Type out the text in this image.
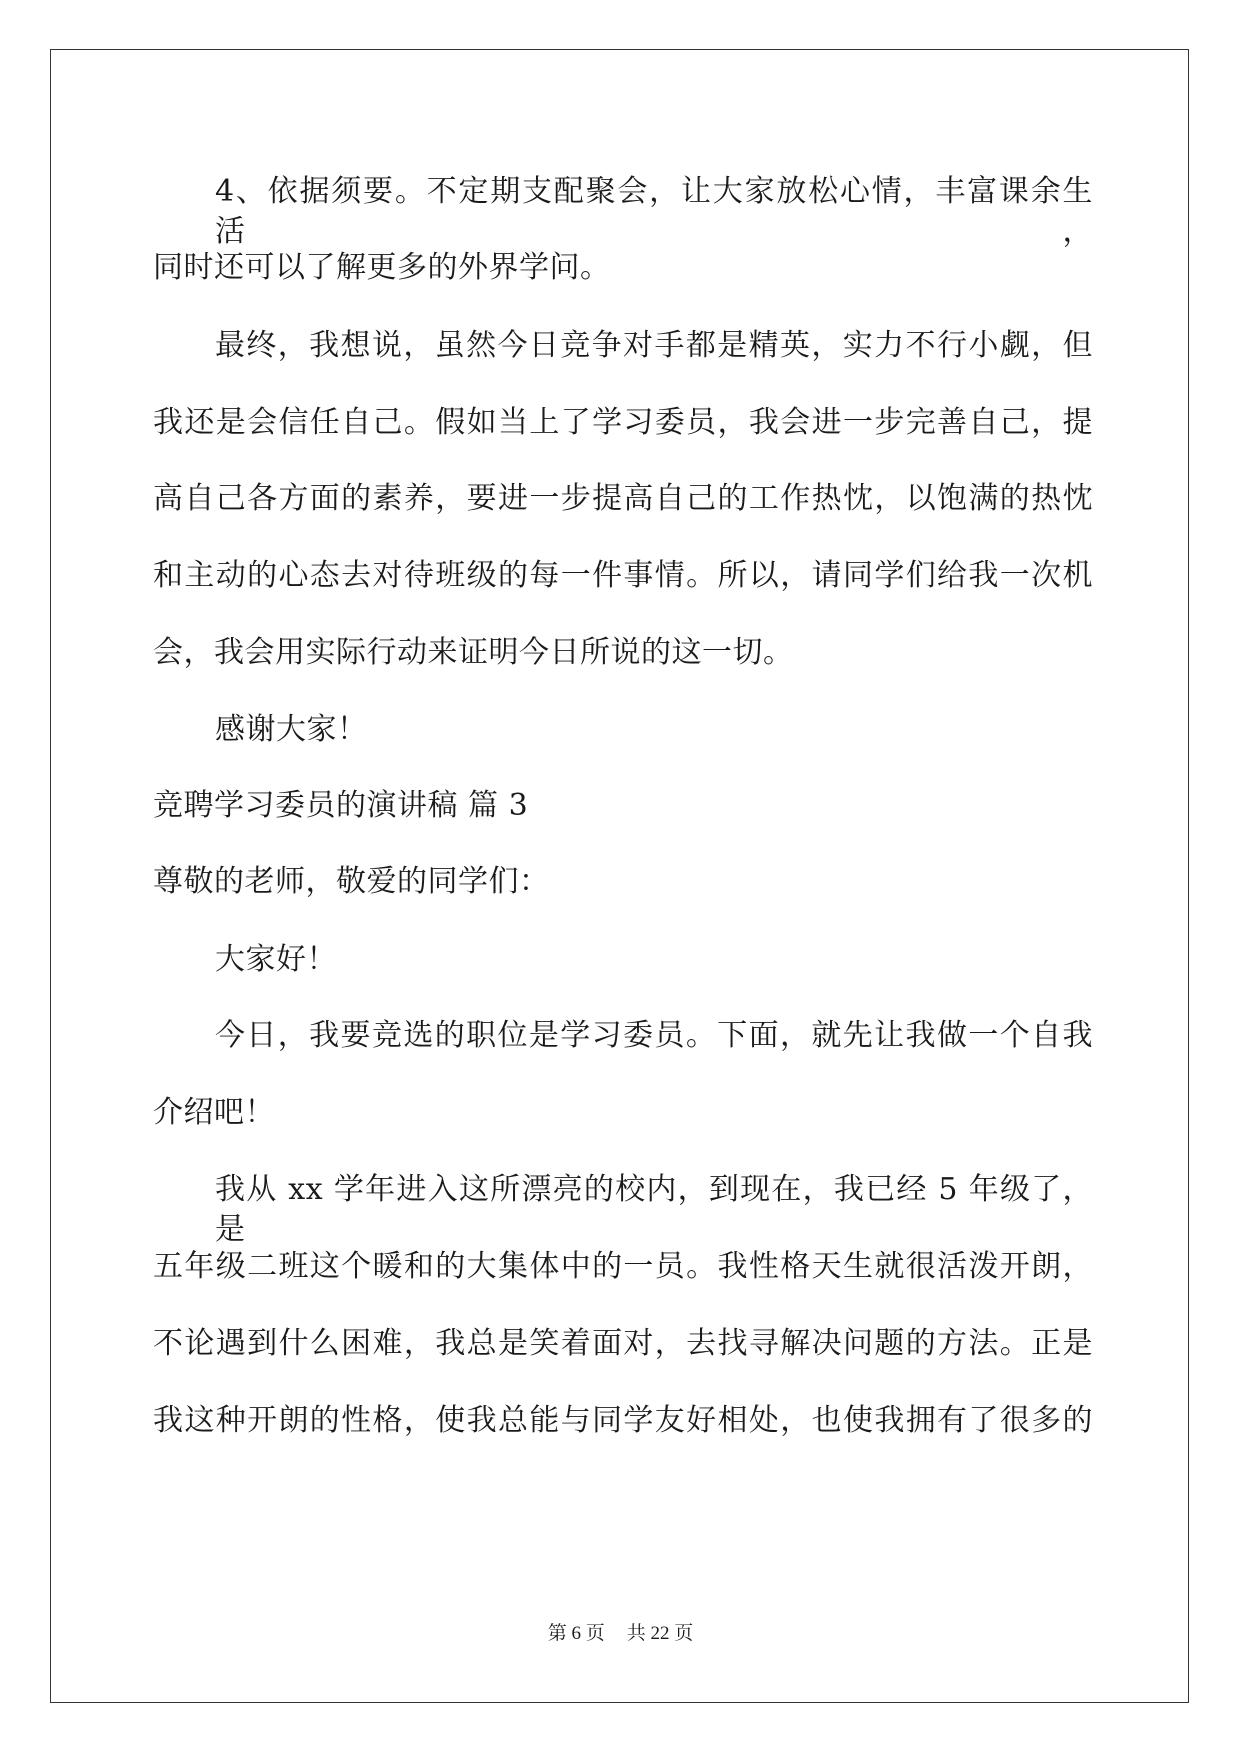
4、依据须要。不定期支配聚会，让大家放松心情，丰富课余生活，
同时还可以了解更多的外界学问。
最终，我想说，虽然今日竞争对手都是精英，实力不行小觑，但
我还是会信任自己。假如当上了学习委员，我会进一步完善自己，提
高自己各方面的素养，要进一步提高自己的工作热忱，以饱满的热忱
和主动的心态去对待班级的每一件事情。所以，请同学们给我一次机
会，我会用实际行动来证明今日所说的这一切。
感谢大家！
竞聘学习委员的演讲稿 篇 3
尊敬的老师，敬爱的同学们：
大家好！
今日，我要竞选的职位是学习委员。下面，就先让我做一个自我
介绍吧！
我从 xx 学年进入这所漂亮的校内，到现在，我已经 5 年级了，是
五年级二班这个暖和的大集体中的一员。我性格天生就很活泼开朗，
不论遇到什么困难，我总是笑着面对，去找寻解决问题的方法。正是
我这种开朗的性格，使我总能与同学友好相处，也使我拥有了很多的
第 6 页 共 22 页
